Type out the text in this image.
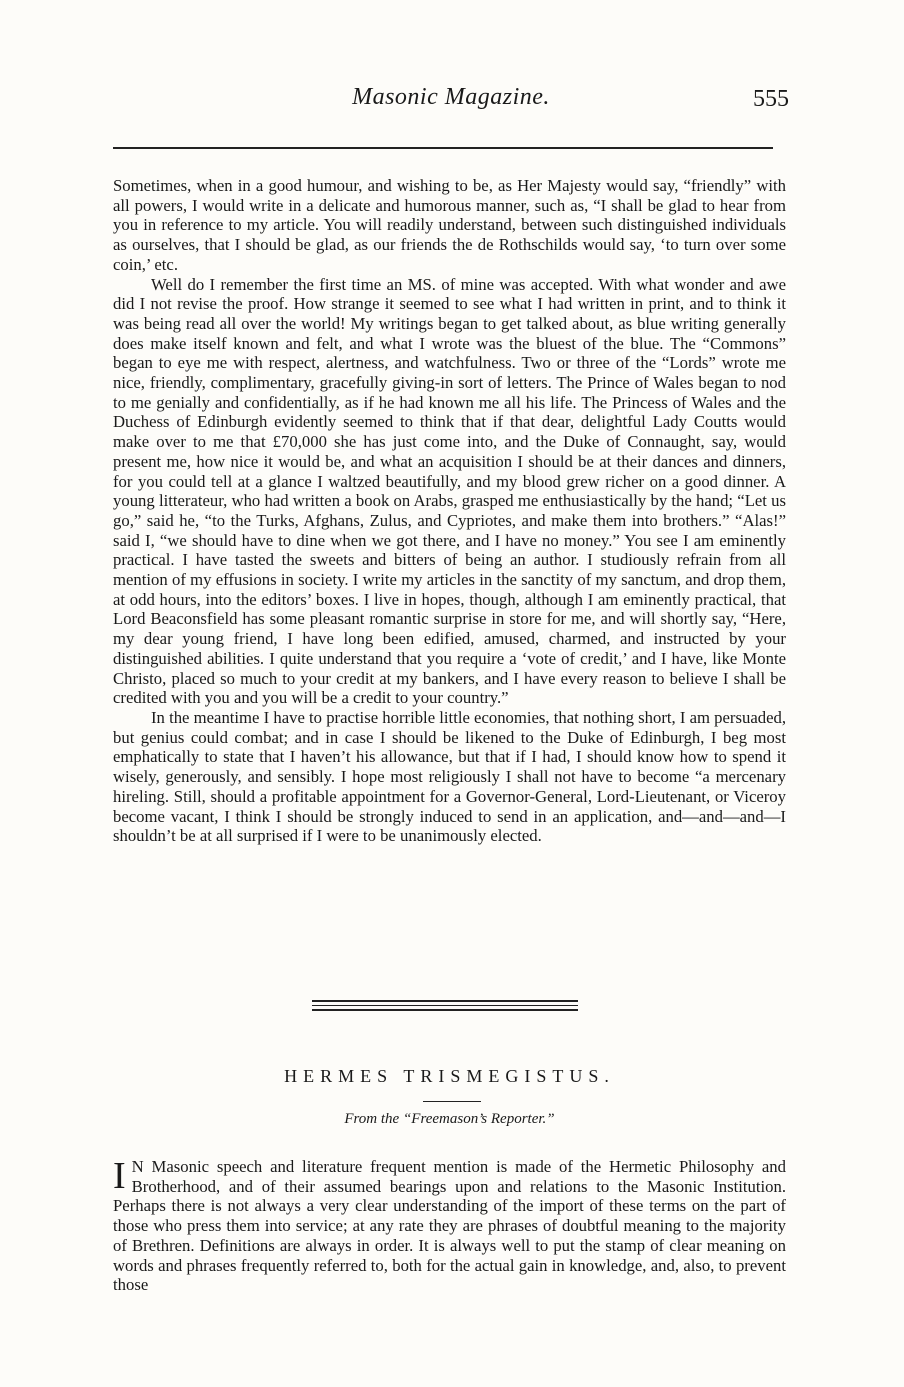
Masonic Magazine.	555

Sometimes, when in a good humour, and wishing to be, as Her Majesty would say, “friendly” with all powers, I would write in a delicate and humorous manner, such as, “I shall be glad to hear from you in reference to my article. You will readily understand, between such distinguished individuals as ourselves, that I should be glad, as our friends the de Rothschilds would say, ‘to turn over some coin,’ etc.

Well do I remember the first time an MS. of mine was accepted. With what wonder and awe did I not revise the proof. How strange it seemed to see what I had written in print, and to think it was being read all over the world! My writings began to get talked about, as blue writing generally does make itself known and felt, and what I wrote was the bluest of the blue. The “Commons” began to eye me with respect, alertness, and watchfulness. Two or three of the “Lords” wrote me nice, friendly, complimentary, gracefully giving-in sort of letters. The Prince of Wales began to nod to me genially and confidentially, as if he had known me all his life. The Princess of Wales and the Duchess of Edinburgh evidently seemed to think that if that dear, delightful Lady Coutts would make over to me that £70,000 she has just come into, and the Duke of Connaught, say, would present me, how nice it would be, and what an acquisition I should be at their dances and dinners, for you could tell at a glance I waltzed beautifully, and my blood grew richer on a good dinner. A young litterateur, who had written a book on Arabs, grasped me enthusiastically by the hand; “Let us go,” said he, “to the Turks, Afghans, Zulus, and Cypriotes, and make them into brothers.” “Alas!” said I, “we should have to dine when we got there, and I have no money.” You see I am eminently practical. I have tasted the sweets and bitters of being an author. I studiously refrain from all mention of my effusions in society. I write my articles in the sanctity of my sanctum, and drop them, at odd hours, into the editors’ boxes. I live in hopes, though, although I am eminently practical, that Lord Beaconsfield has some pleasant romantic surprise in store for me, and will shortly say, “Here, my dear young friend, I have long been edified, amused, charmed, and instructed by your distinguished abilities. I quite understand that you require a ‘vote of credit,’ and I have, like Monte Christo, placed so much to your credit at my bankers, and I have every reason to believe I shall be credited with you and you will be a credit to your country.”

In the meantime I have to practise horrible little economies, that nothing short, I am persuaded, but genius could combat; and in case I should be likened to the Duke of Edinburgh, I beg most emphatically to state that I haven’t his allowance, but that if I had, I should know how to spend it wisely, generously, and sensibly. I hope most religiously I shall not have to become “a mercenary hireling. Still, should a profitable appointment for a Governor-General, Lord-Lieutenant, or Viceroy become vacant, I think I should be strongly induced to send in an application, and—and—and—I shouldn’t be at all surprised if I were to be unanimously elected.

HERMES TRISMEGISTUS.
From the “Freemason’s Reporter.”
I N Masonic speech and literature frequent mention is made of the Hermetic Philosophy and Brotherhood, and of their assumed bearings upon and relations to the Masonic Institution. Perhaps there is not always a very clear understanding of the import of these terms on the part of those who press them into service; at any rate they are phrases of doubtful meaning to the majority of Brethren. Definitions are always in order. It is always well to put the stamp of clear meaning on words and phrases frequently referred to, both for the actual gain in knowledge, and, also, to prevent those
